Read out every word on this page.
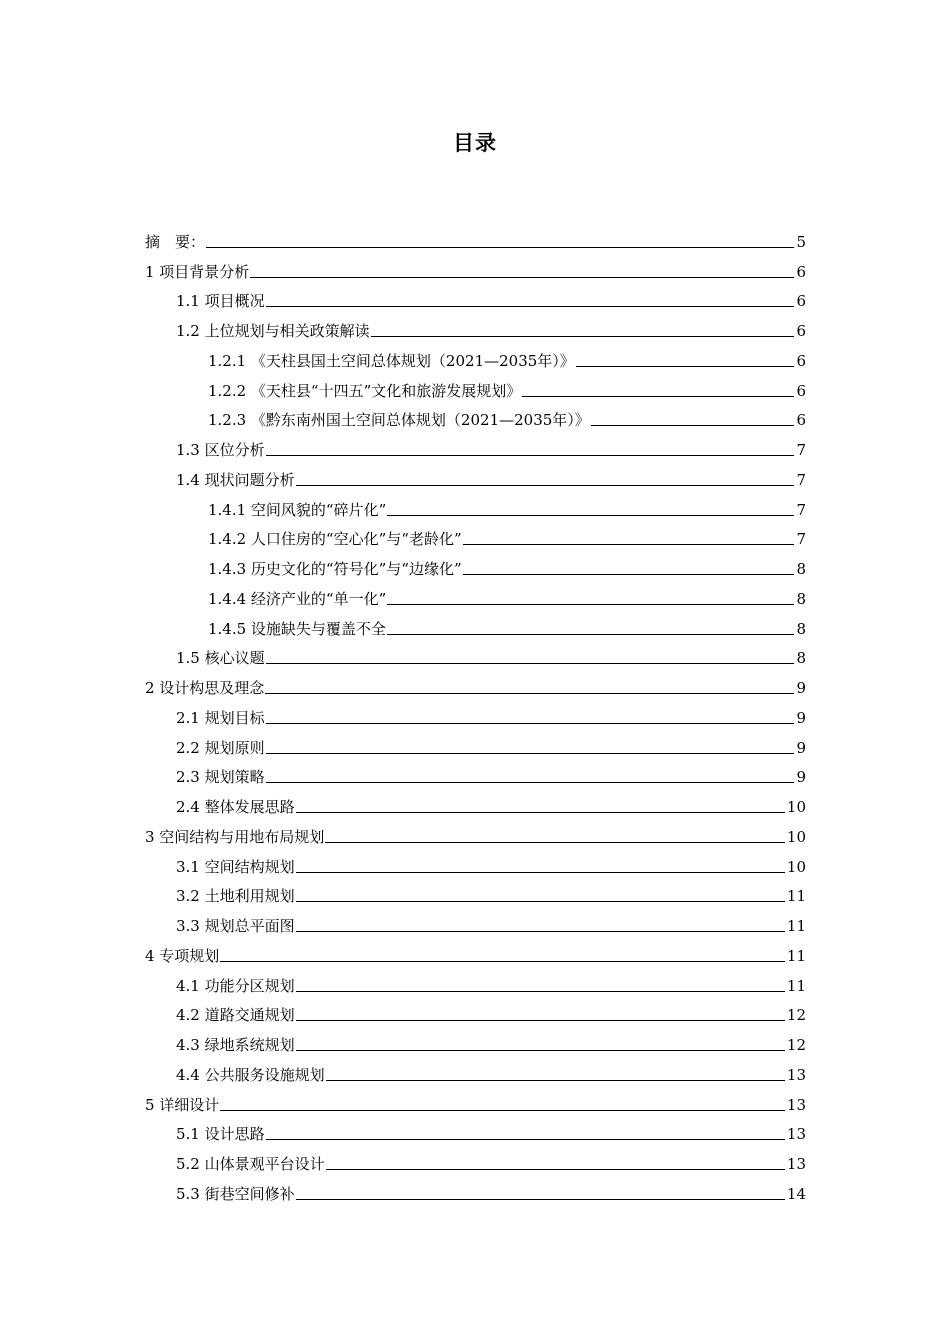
目录
摘　要：	5
1 项目背景分析	6
1.1 项目概况	6
1.2 上位规划与相关政策解读	6
1.2.1 《天柱县国土空间总体规划（2021—2035年）》	6
1.2.2 《天柱县“十四五”文化和旅游发展规划》	6
1.2.3 《黔东南州国土空间总体规划（2021—2035年）》	6
1.3 区位分析	7
1.4 现状问题分析	7
1.4.1 空间风貌的“碎片化”	7
1.4.2 人口住房的“空心化”与“老龄化”	7
1.4.3 历史文化的“符号化”与“边缘化”	8
1.4.4 经济产业的“单一化”	8
1.4.5 设施缺失与覆盖不全	8
1.5 核心议题	8
2 设计构思及理念	9
2.1 规划目标	9
2.2 规划原则	9
2.3 规划策略	9
2.4 整体发展思路	10
3 空间结构与用地布局规划	10
3.1 空间结构规划	10
3.2 土地利用规划	11
3.3 规划总平面图	11
4 专项规划	11
4.1 功能分区规划	11
4.2 道路交通规划	12
4.3 绿地系统规划	12
4.4 公共服务设施规划	13
5 详细设计	13
5.1 设计思路	13
5.2 山体景观平台设计	13
5.3 街巷空间修补	14
